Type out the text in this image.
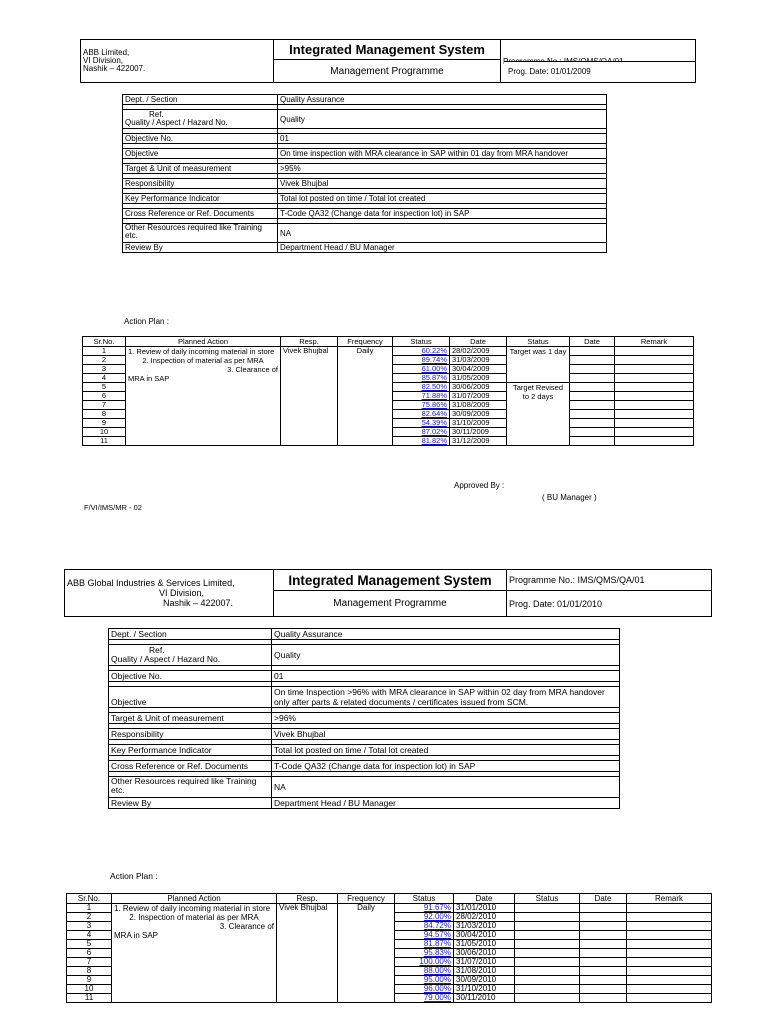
ABB Limited,
VI Division,
Nashik – 422007.
	Integrated Management System	
Management Programme	Prog. Date: 01/01/2009
Dept. / Section	Quality Assurance

Ref.
Quality / Aspect / Hazard No.	Quality

Objective No.	01

Objective	On time inspection with MRA clearance in SAP within 01 day from MRA handover

Target & Unit of measurement	>95%

Responsibility	Vivek Bhujbal

Key Performance Indicator	Total lot posted on time / Total lot created

Cross Reference or Ref. Documents	T-Code QA32 (Change data for inspection lot) in SAP

Other Resources required like Training etc.	NA
Review By	Department Head / BU Manager
Action Plan :
Sr.No.	Planned Action	Resp.	Frequency	Status	Date	Status	Date	Remark
1	1. Review of daily incoming material in store
2. Inspection of material as per MRA
3. Clearance of
MRA in SAP	Vivek Bhujbal	Daily	60.22%	28/02/2009	Target was 1 day		

2				89.74%	31/03/2009			
3				61.00%	30/04/2009			
4				85.87%	31/05/2009			
5				82.50%	30/06/2009	Target Revised to 2 days		

6				71.88%	31/07/2009			
7				75.86%	31/08/2009			
8				82.64%	30/09/2009			
9				54.39%	31/10/2009			
10				87.02%	30/11/2009			
11				81.82%	31/12/2009			
Approved By :
( BU Manager )
F/VI/IMS/MR - 02
ABB Global Industries & Services Limited,
VI Division,
Nashik – 422007.	Integrated Management System	Programme No.: IMS/QMS/QA/01
	Management Programme	Prog. Date: 01/01/2010
Dept. / Section	Quality Assurance

Ref.
Quality / Aspect / Hazard No.	Quality

Objective No.	01

Objective	On time Inspection >96% with MRA clearance in SAP within 02 day from MRA handover
only after parts & related documents / certificates issued from SCM.

Target & Unit of measurement	>96%

Responsibility	Vivek Bhujbal

Key Performance Indicator	Total lot posted on time / Total lot created

Cross Reference or Ref. Documents	T-Code QA32 (Change data for inspection lot) in SAP

Other Resources required like Training etc.	NA
Review By	Department Head / BU Manager
Action Plan :
Sr.No.	Planned Action	Resp.	Frequency	Status	Date	Status	Date	Remark
1	1. Review of daily incoming material in store
2. Inspection of material as per MRA
3. Clearance of
MRA in SAP	Vivek Bhujbal	Daily	91.67%	31/01/2010			
2				92.00%	28/02/2010			
3				84.72%	31/03/2010			
4				94.57%	30/04/2010			
5				81.87%	31/05/2010			
6				95.83%	30/06/2010			
7				100.00%	31/07/2010			
8				88.00%	31/08/2010			
9				95.00%	30/09/2010			
10				96.00%	31/10/2010			
11				79.00%	30/11/2010			
